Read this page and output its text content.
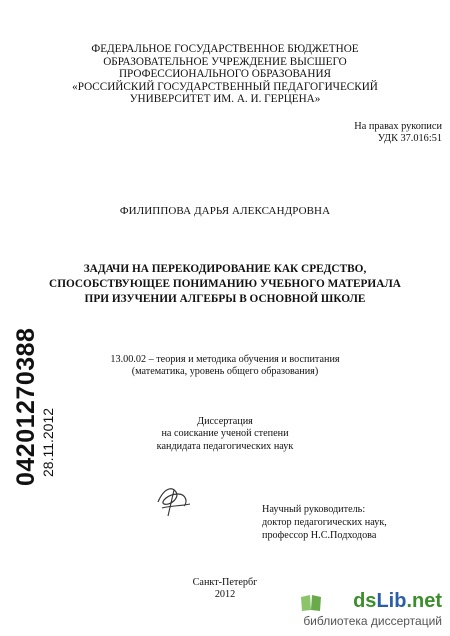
ФЕДЕРАЛЬНОЕ ГОСУДАРСТВЕННОЕ БЮДЖЕТНОЕ
ОБРАЗОВАТЕЛЬНОЕ УЧРЕЖДЕНИЕ ВЫСШЕГО
ПРОФЕССИОНАЛЬНОГО ОБРАЗОВАНИЯ
«РОССИЙСКИЙ ГОСУДАРСТВЕННЫЙ ПЕДАГОГИЧЕСКИЙ
УНИВЕРСИТЕТ ИМ. А. И. ГЕРЦЕНА»
На правах рукописи
УДК 37.016:51
ФИЛИППОВА ДАРЬЯ АЛЕКСАНДРОВНА
ЗАДАЧИ НА ПЕРЕКОДИРОВАНИЕ КАК СРЕДСТВО,
СПОСОБСТВУЮЩЕЕ ПОНИМАНИЮ УЧЕБНОГО МАТЕРИАЛА
ПРИ ИЗУЧЕНИИ АЛГЕБРЫ В ОСНОВНОЙ ШКОЛЕ
13.00.02 – теория и методика обучения и воспитания
(математика, уровень общего образования)
Диссертация
на соискание ученой степени
кандидата педагогических наук
04201270388 28.11.2012
Научный руководитель:
доктор педагогических наук,
профессор Н.С.Подходова
Санкт-Петербг
2012	dsLib.net
библиотека диссертаций
